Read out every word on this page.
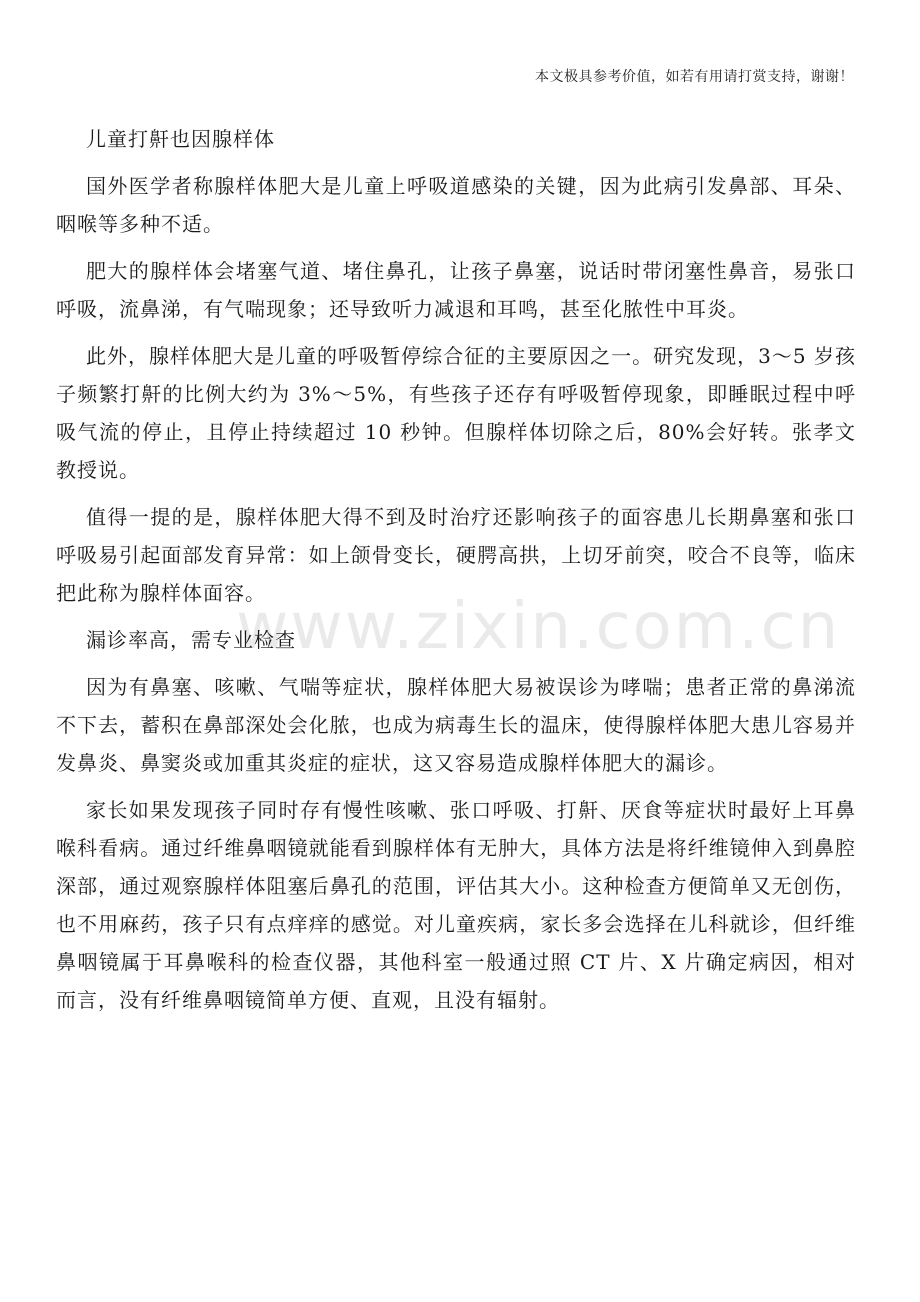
本文极具参考价值，如若有用请打赏支持，谢谢！

儿童打鼾也因腺样体

国外医学者称腺样体肥大是儿童上呼吸道感染的关键，因为此病引发鼻部、耳朵、咽喉等多种不适。

肥大的腺样体会堵塞气道、堵住鼻孔，让孩子鼻塞，说话时带闭塞性鼻音，易张口呼吸，流鼻涕，有气喘现象；还导致听力减退和耳鸣，甚至化脓性中耳炎。

此外，腺样体肥大是儿童的呼吸暂停综合征的主要原因之一。研究发现，3～5 岁孩子频繁打鼾的比例大约为 3%～5%，有些孩子还存有呼吸暂停现象，即睡眠过程中呼吸气流的停止，且停止持续超过 10 秒钟。但腺样体切除之后，80%会好转。张孝文教授说。

值得一提的是，腺样体肥大得不到及时治疗还影响孩子的面容患儿长期鼻塞和张口呼吸易引起面部发育异常：如上颌骨变长，硬腭高拱，上切牙前突，咬合不良等，临床把此称为腺样体面容。

漏诊率高，需专业检查

因为有鼻塞、咳嗽、气喘等症状，腺样体肥大易被误诊为哮喘；患者正常的鼻涕流不下去，蓄积在鼻部深处会化脓，也成为病毒生长的温床，使得腺样体肥大患儿容易并发鼻炎、鼻窦炎或加重其炎症的症状，这又容易造成腺样体肥大的漏诊。

家长如果发现孩子同时存有慢性咳嗽、张口呼吸、打鼾、厌食等症状时最好上耳鼻喉科看病。通过纤维鼻咽镜就能看到腺样体有无肿大，具体方法是将纤维镜伸入到鼻腔深部，通过观察腺样体阻塞后鼻孔的范围，评估其大小。这种检查方便简单又无创伤，也不用麻药，孩子只有点痒痒的感觉。对儿童疾病，家长多会选择在儿科就诊，但纤维鼻咽镜属于耳鼻喉科的检查仪器，其他科室一般通过照 CT 片、X 片确定病因，相对而言，没有纤维鼻咽镜简单方便、直观，且没有辐射。

www.zixin.com.cn
